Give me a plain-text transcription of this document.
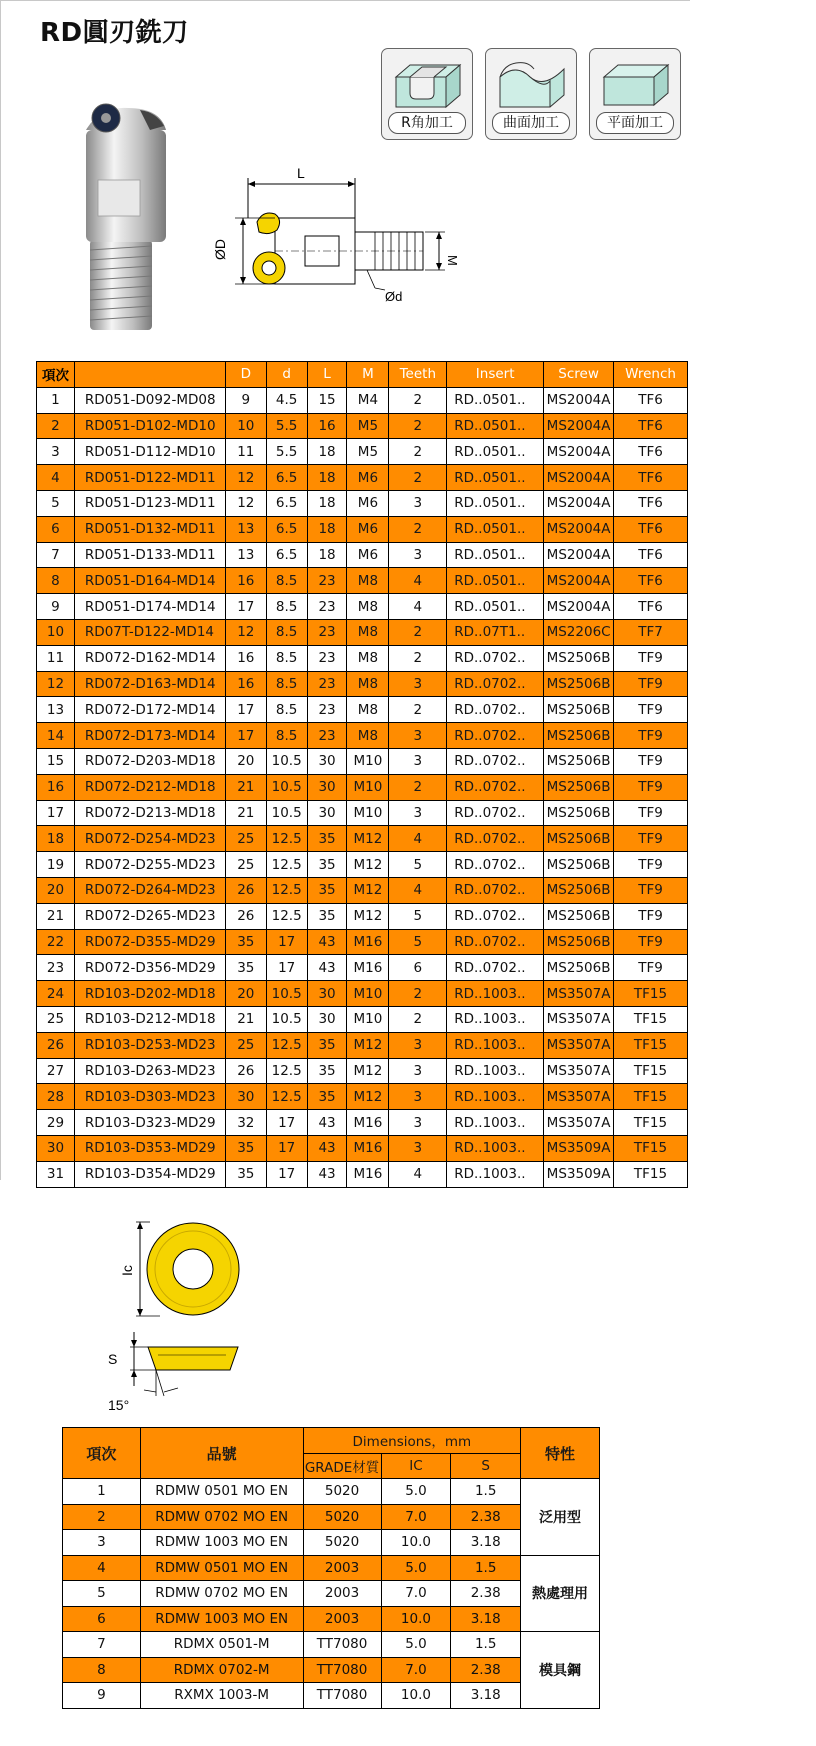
RD圓刃銑刀
R角加工	曲面加工	平面加工
L
ØD
M
Ød
項次		D	d	L	M	Teeth	Insert	Screw	Wrench
1	RD051-D092-MD08	9	4.5	15	M4	2	RD..0501..	MS2004A	TF6
2	RD051-D102-MD10	10	5.5	16	M5	2	RD..0501..	MS2004A	TF6
3	RD051-D112-MD10	11	5.5	18	M5	2	RD..0501..	MS2004A	TF6
4	RD051-D122-MD11	12	6.5	18	M6	2	RD..0501..	MS2004A	TF6
5	RD051-D123-MD11	12	6.5	18	M6	3	RD..0501..	MS2004A	TF6
6	RD051-D132-MD11	13	6.5	18	M6	2	RD..0501..	MS2004A	TF6
7	RD051-D133-MD11	13	6.5	18	M6	3	RD..0501..	MS2004A	TF6
8	RD051-D164-MD14	16	8.5	23	M8	4	RD..0501..	MS2004A	TF6
9	RD051-D174-MD14	17	8.5	23	M8	4	RD..0501..	MS2004A	TF6
10	RD07T-D122-MD14	12	8.5	23	M8	2	RD..07T1..	MS2206C	TF7
11	RD072-D162-MD14	16	8.5	23	M8	2	RD..0702..	MS2506B	TF9
12	RD072-D163-MD14	16	8.5	23	M8	3	RD..0702..	MS2506B	TF9
13	RD072-D172-MD14	17	8.5	23	M8	2	RD..0702..	MS2506B	TF9
14	RD072-D173-MD14	17	8.5	23	M8	3	RD..0702..	MS2506B	TF9
15	RD072-D203-MD18	20	10.5	30	M10	3	RD..0702..	MS2506B	TF9
16	RD072-D212-MD18	21	10.5	30	M10	2	RD..0702..	MS2506B	TF9
17	RD072-D213-MD18	21	10.5	30	M10	3	RD..0702..	MS2506B	TF9
18	RD072-D254-MD23	25	12.5	35	M12	4	RD..0702..	MS2506B	TF9
19	RD072-D255-MD23	25	12.5	35	M12	5	RD..0702..	MS2506B	TF9
20	RD072-D264-MD23	26	12.5	35	M12	4	RD..0702..	MS2506B	TF9
21	RD072-D265-MD23	26	12.5	35	M12	5	RD..0702..	MS2506B	TF9
22	RD072-D355-MD29	35	17	43	M16	5	RD..0702..	MS2506B	TF9
23	RD072-D356-MD29	35	17	43	M16	6	RD..0702..	MS2506B	TF9
24	RD103-D202-MD18	20	10.5	30	M10	2	RD..1003..	MS3507A	TF15
25	RD103-D212-MD18	21	10.5	30	M10	2	RD..1003..	MS3507A	TF15
26	RD103-D253-MD23	25	12.5	35	M12	3	RD..1003..	MS3507A	TF15
27	RD103-D263-MD23	26	12.5	35	M12	3	RD..1003..	MS3507A	TF15
28	RD103-D303-MD23	30	12.5	35	M12	3	RD..1003..	MS3507A	TF15
29	RD103-D323-MD29	32	17	43	M16	3	RD..1003..	MS3507A	TF15
30	RD103-D353-MD29	35	17	43	M16	3	RD..1003..	MS3509A	TF15
31	RD103-D354-MD29	35	17	43	M16	4	RD..1003..	MS3509A	TF15
Ic
S
15°
項次	品號	Dimensions，mm			特性
		GRADE材質	IC	S	
1	RDMW 0501 MO EN	5020	5.0	1.5	泛用型
2	RDMW 0702 MO EN	5020	7.0	2.38	
3	RDMW 1003 MO EN	5020	10.0	3.18	
4	RDMW 0501 MO EN	2003	5.0	1.5	熱處理用
5	RDMW 0702 MO EN	2003	7.0	2.38	
6	RDMW 1003 MO EN	2003	10.0	3.18	
7	RDMX 0501-M	TT7080	5.0	1.5	模具鋼
8	RDMX 0702-M	TT7080	7.0	2.38	
9	RXMX 1003-M	TT7080	10.0	3.18	
